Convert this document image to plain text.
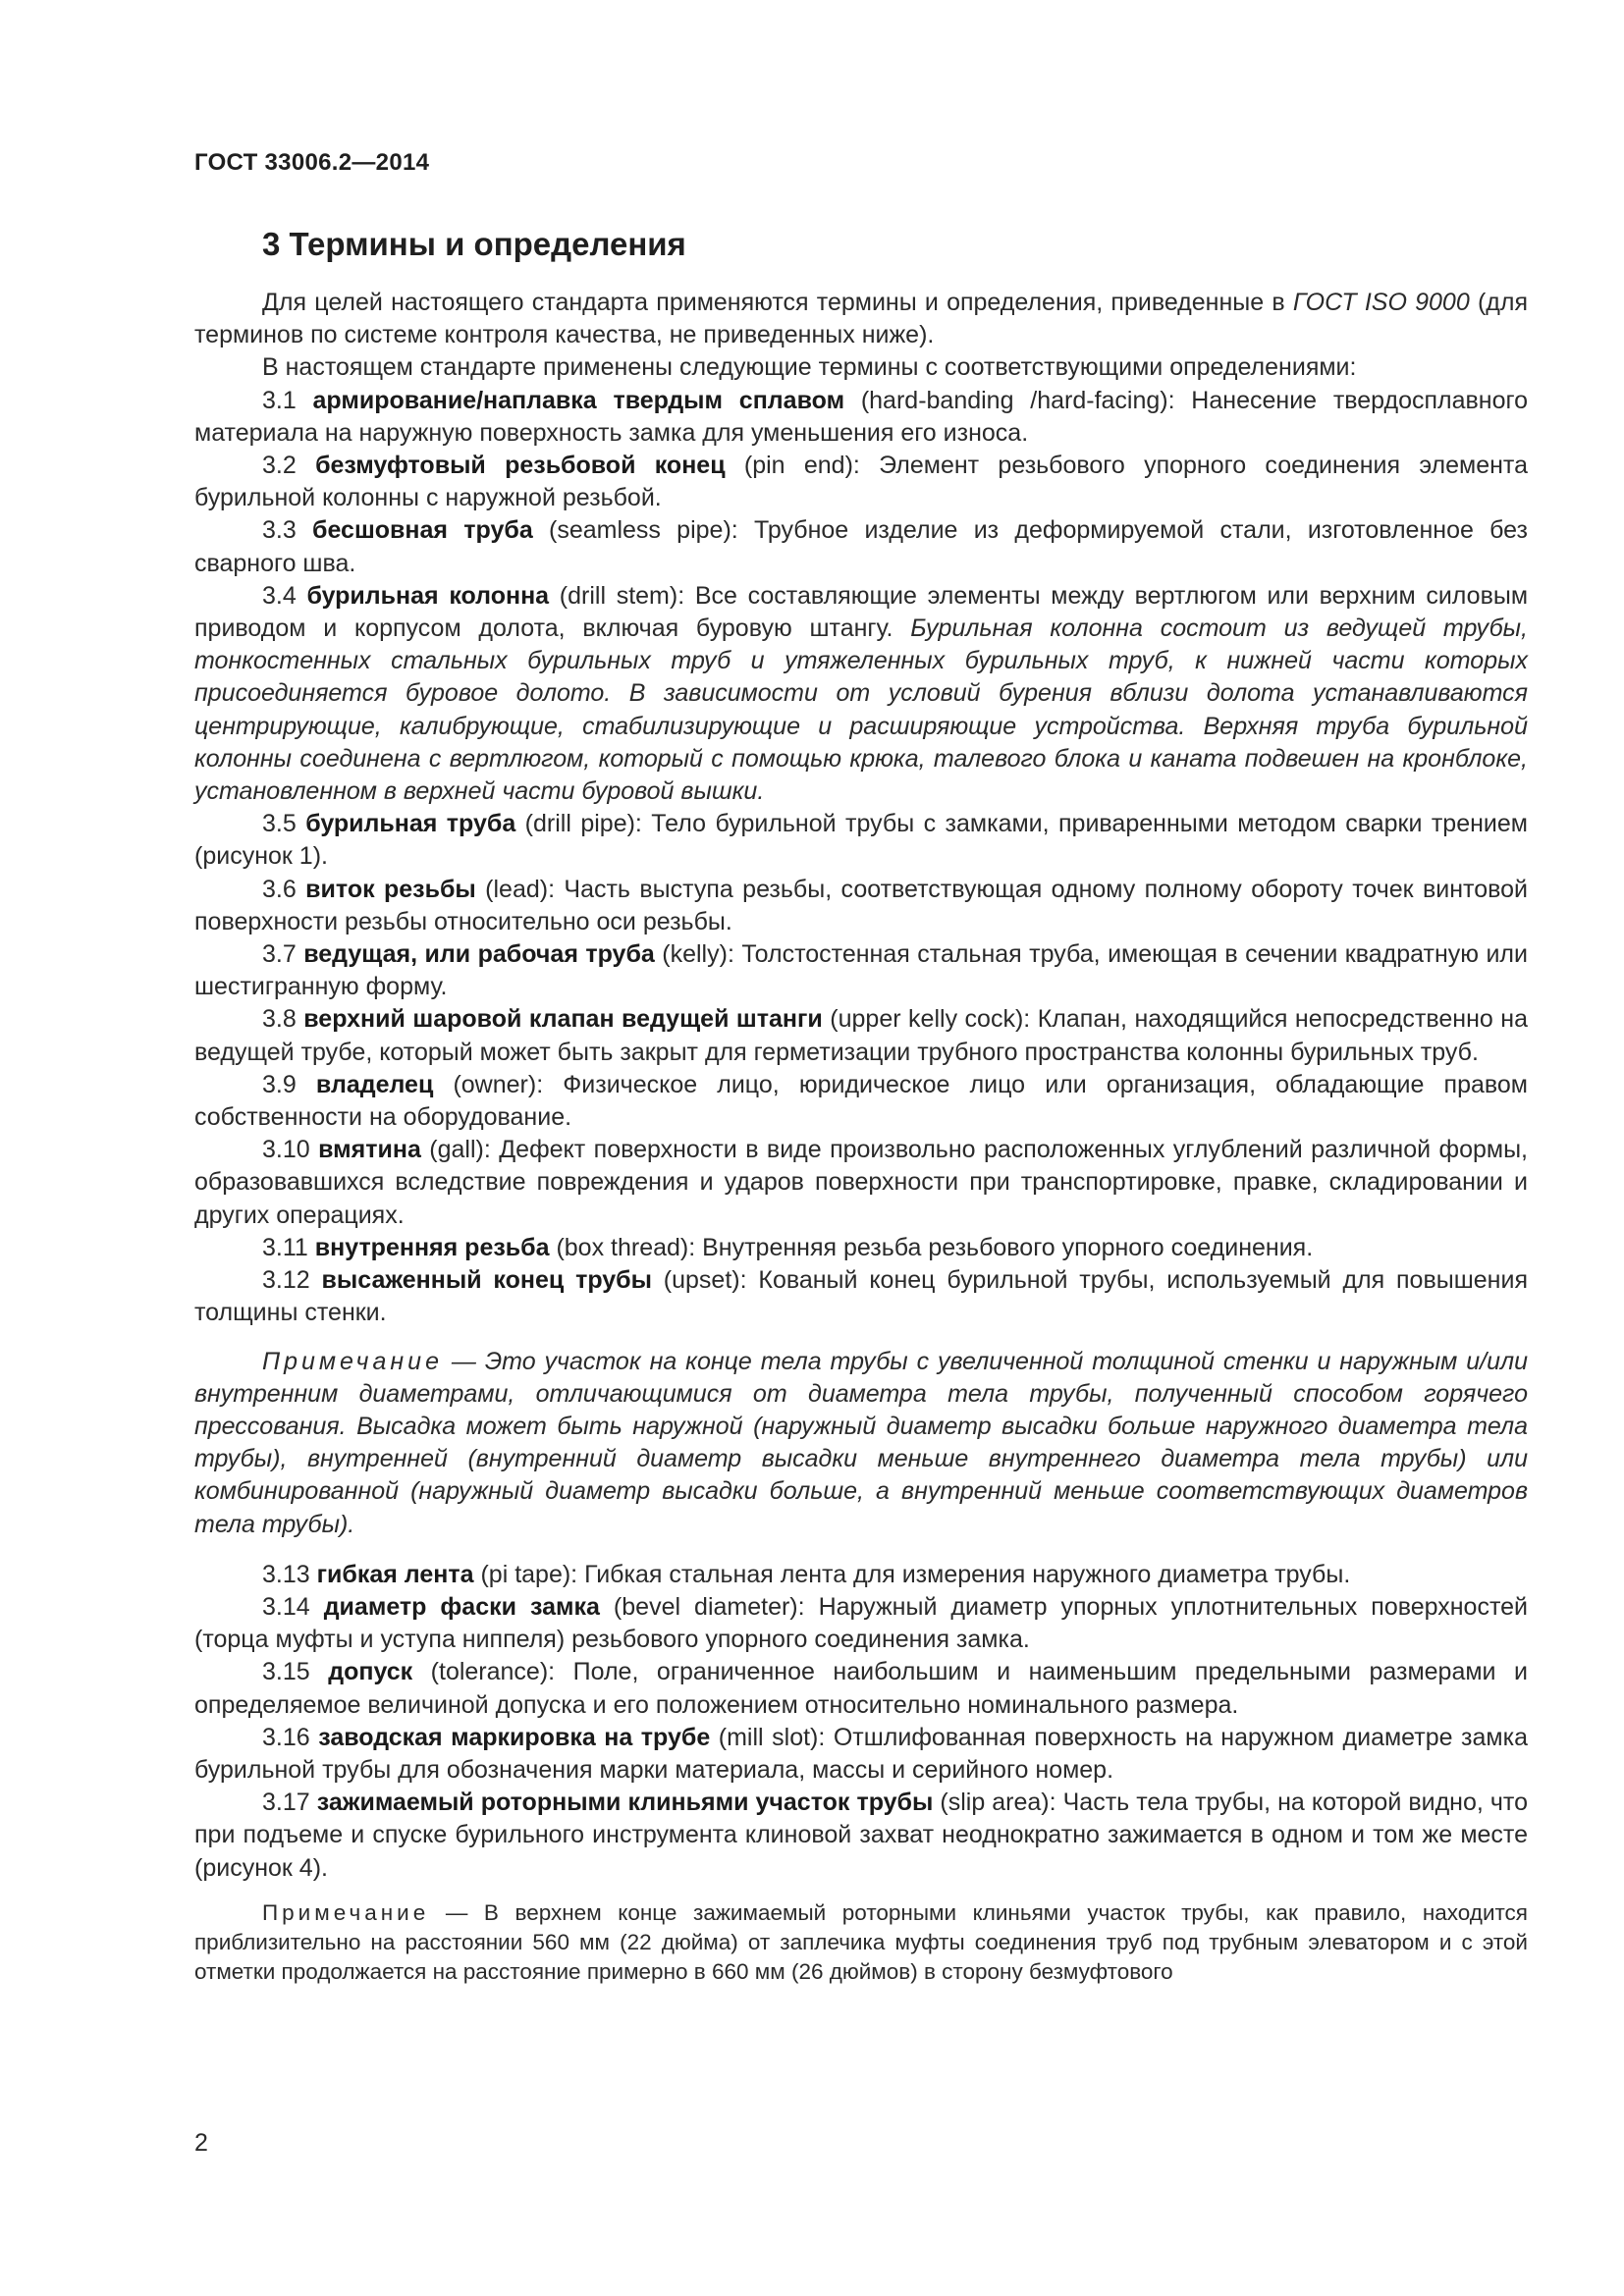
ГОСТ 33006.2—2014
3 Термины и определения

Для целей настоящего стандарта применяются термины и определения, приведенные в ГОСТ ISO 9000 (для терминов по системе контроля качества, не приведенных ниже).

В настоящем стандарте применены следующие термины с соответствующими определениями:

3.1 армирование/наплавка твердым сплавом (hard-banding /hard-facing): Нанесение твердосплавного материала на наружную поверхность замка для уменьшения его износа.

3.2 безмуфтовый резьбовой конец (pin end): Элемент резьбового упорного соединения элемента бурильной колонны с наружной резьбой.

3.3 бесшовная труба (seamless pipe): Трубное изделие из деформируемой стали, изготовленное без сварного шва.

3.4 бурильная колонна (drill stem): Все составляющие элементы между вертлюгом или верхним силовым приводом и корпусом долота, включая буровую штангу. Бурильная колонна состоит из ведущей трубы, тонкостенных стальных бурильных труб и утяжеленных бурильных труб, к нижней части которых присоединяется буровое долото. В зависимости от условий бурения вблизи долота устанавливаются центрирующие, калибрующие, стабилизирующие и расширяющие устройства. Верхняя труба бурильной колонны соединена с вертлюгом, который с помощью крюка, талевого блока и каната подвешен на кронблоке, установленном в верхней части буровой вышки.

3.5 бурильная труба (drill pipe): Тело бурильной трубы с замками, приваренными методом сварки трением (рисунок 1).

3.6 виток резьбы (lead): Часть выступа резьбы, соответствующая одному полному обороту точек винтовой поверхности резьбы относительно оси резьбы.

3.7 ведущая, или рабочая труба (kelly): Толстостенная стальная труба, имеющая в сечении квадратную или шестигранную форму.

3.8 верхний шаровой клапан ведущей штанги (upper kelly cock): Клапан, находящийся непосредственно на ведущей трубе, который может быть закрыт для герметизации трубного пространства колонны бурильных труб.

3.9 владелец (owner): Физическое лицо, юридическое лицо или организация, обладающие правом собственности на оборудование.

3.10 вмятина (gall): Дефект поверхности в виде произвольно расположенных углублений различной формы, образовавшихся вследствие повреждения и ударов поверхности при транспортировке, правке, складировании и других операциях.

3.11 внутренняя резьба (box thread): Внутренняя резьба резьбового упорного соединения.

3.12 высаженный конец трубы (upset): Кованый конец бурильной трубы, используемый для повышения толщины стенки.

Примечание — Это участок на конце тела трубы с увеличенной толщиной стенки и наружным и/или внутренним диаметрами, отличающимися от диаметра тела трубы, полученный способом горячего прессования. Высадка может быть наружной (наружный диаметр высадки больше наружного диаметра тела трубы), внутренней (внутренний диаметр высадки меньше внутреннего диаметра тела трубы) или комбинированной (наружный диаметр высадки больше, а внутренний меньше соответствующих диаметров тела трубы).

3.13 гибкая лента (pi tape): Гибкая стальная лента для измерения наружного диаметра трубы.

3.14 диаметр фаски замка (bevel diameter): Наружный диаметр упорных уплотнительных поверхностей (торца муфты и уступа ниппеля) резьбового упорного соединения замка.

3.15 допуск (tolerance): Поле, ограниченное наибольшим и наименьшим предельными размерами и определяемое величиной допуска и его положением относительно номинального размера.

3.16 заводская маркировка на трубе (mill slot): Отшлифованная поверхность на наружном диаметре замка бурильной трубы для обозначения марки материала, массы и серийного номер.

3.17 зажимаемый роторными клиньями участок трубы (slip area): Часть тела трубы, на которой видно, что при подъеме и спуске бурильного инструмента клиновой захват неоднократно зажимается в одном и том же месте (рисунок 4).

Примечание — В верхнем конце зажимаемый роторными клиньями участок трубы, как правило, находится приблизительно на расстоянии 560 мм (22 дюйма) от заплечика муфты соединения труб под трубным элеватором и с этой отметки продолжается на расстояние примерно в 660 мм (26 дюймов) в сторону безмуфтового

2
